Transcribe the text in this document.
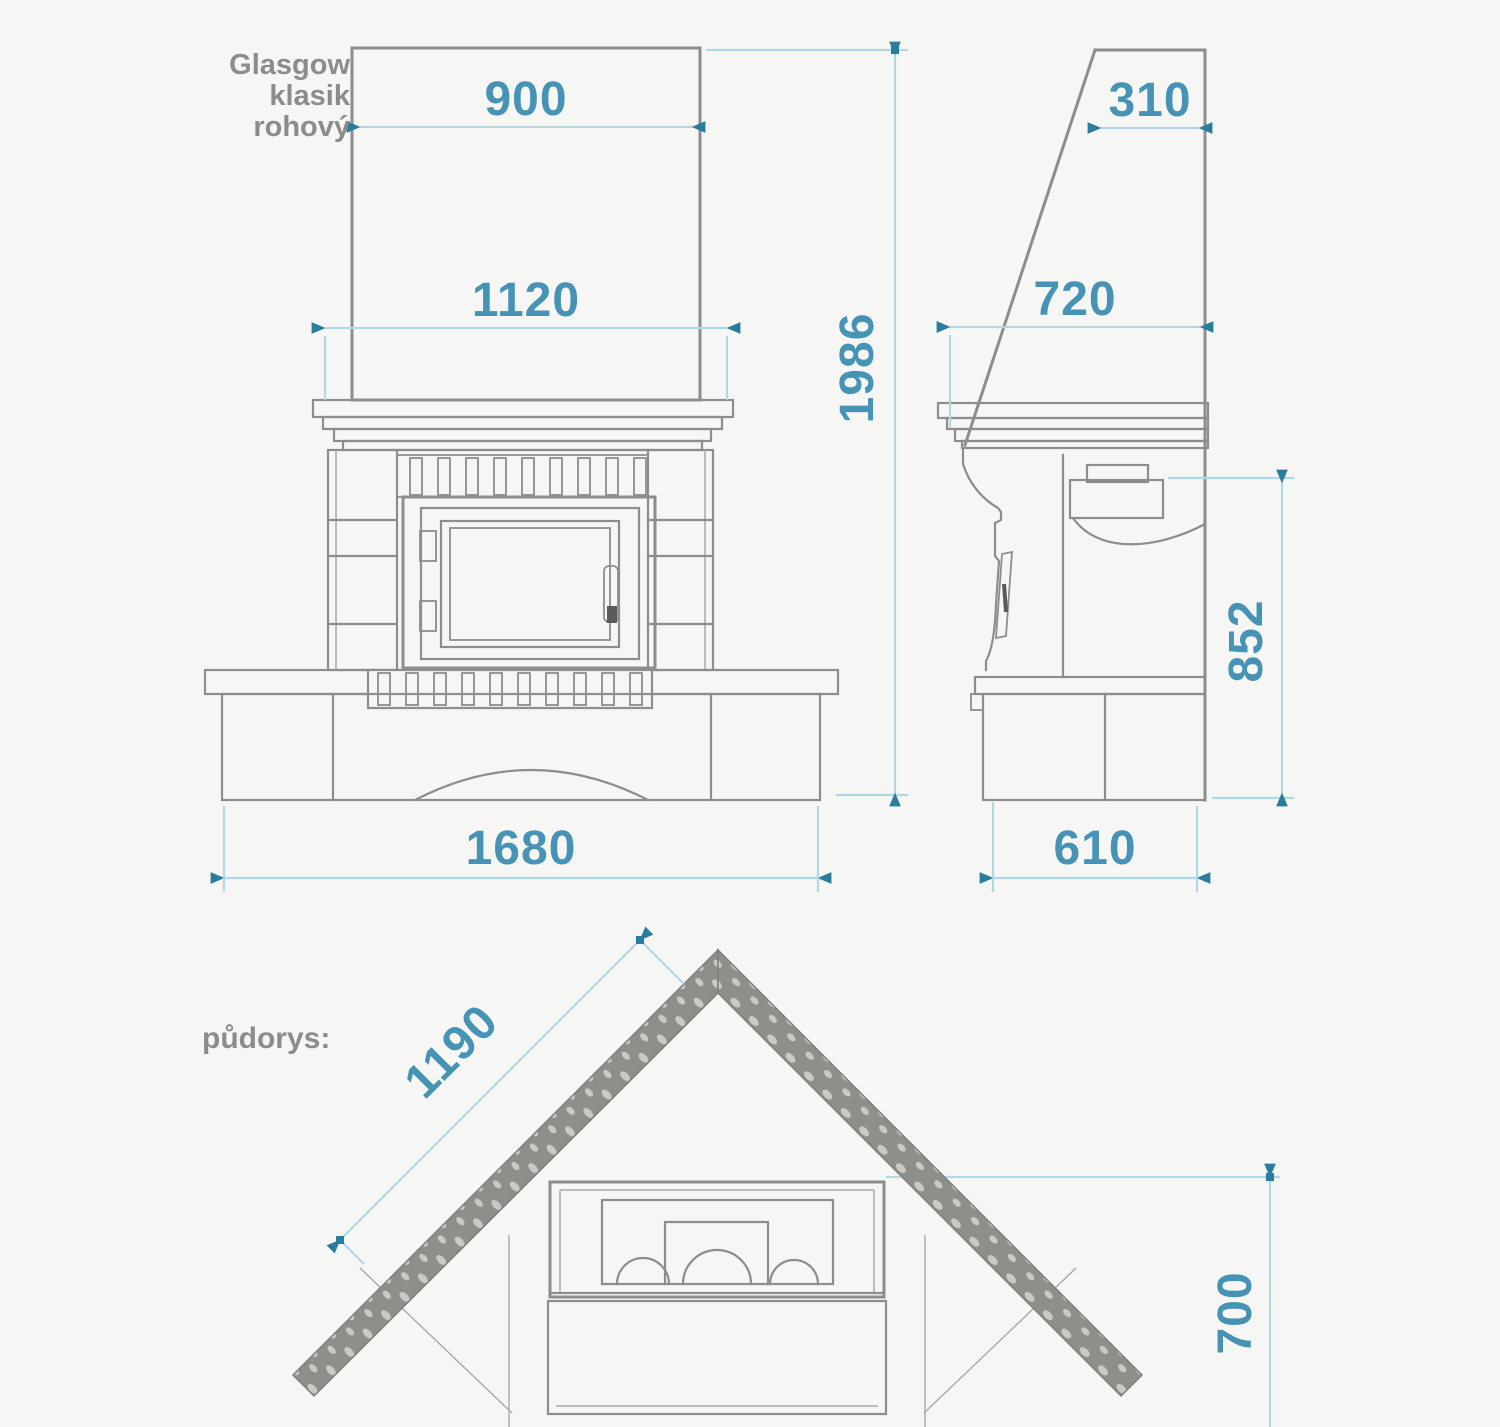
Glasgow
klasik
rohový
půdorys:
900
1120
1680
310
720
610
1986
852
700
1190
